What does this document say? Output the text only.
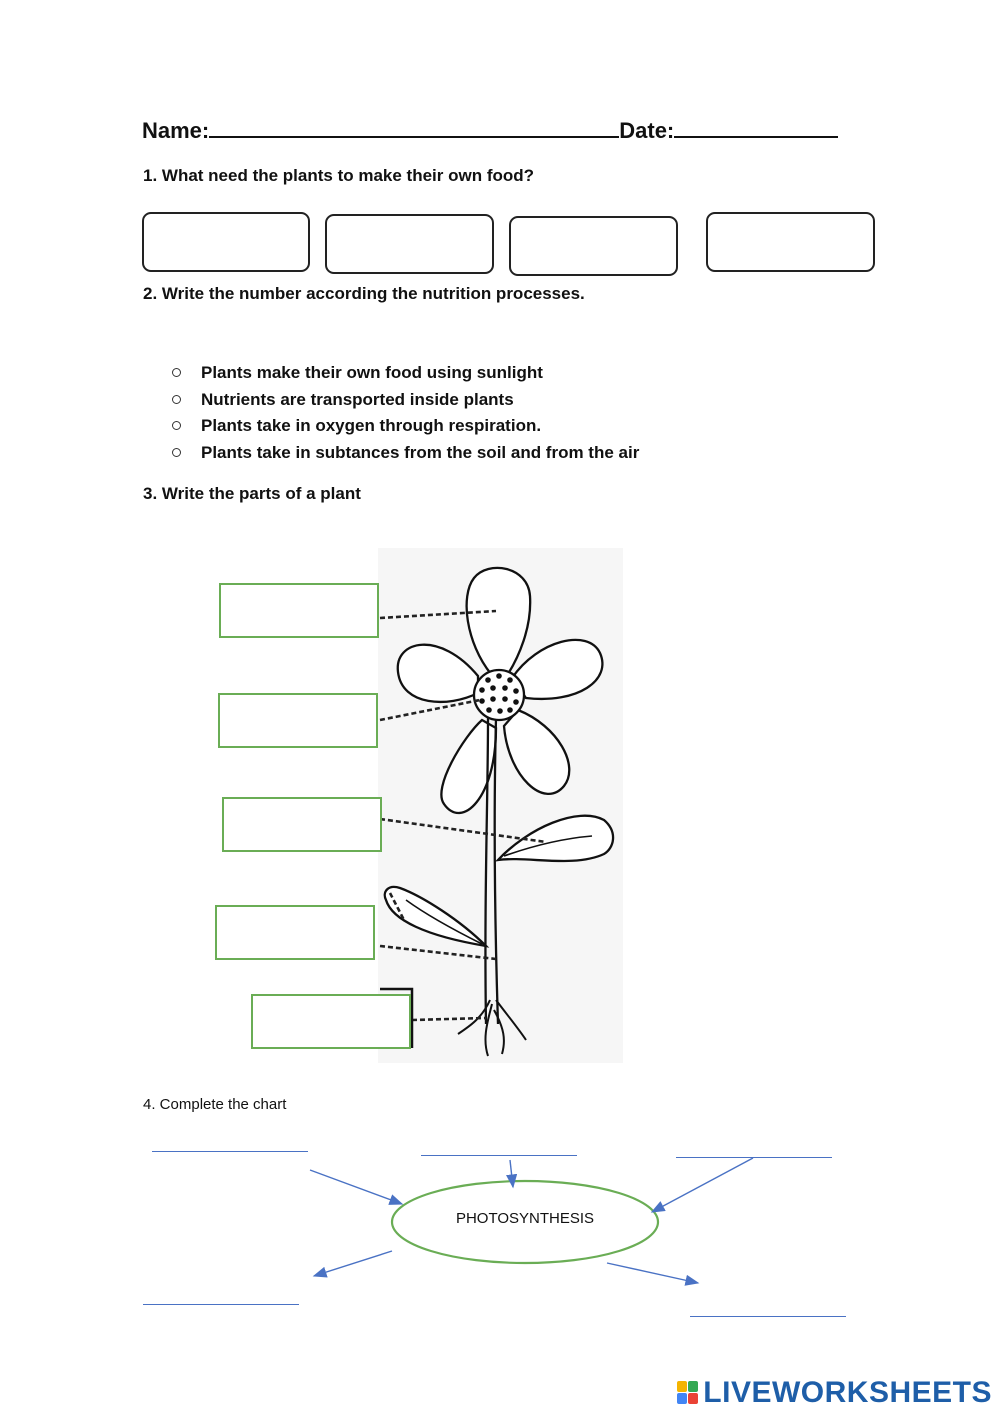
Name:	Date:
1. What need the plants to make their own food?
2. Write the number according the nutrition processes.
Plants make their own food using sunlight
Nutrients are transported inside plants
Plants take in oxygen through respiration.
Plants take in subtances from the soil and from the air
3. Write the parts of a plant
4. Complete the chart
PHOTOSYNTHESIS
LIVEWORKSHEETS
